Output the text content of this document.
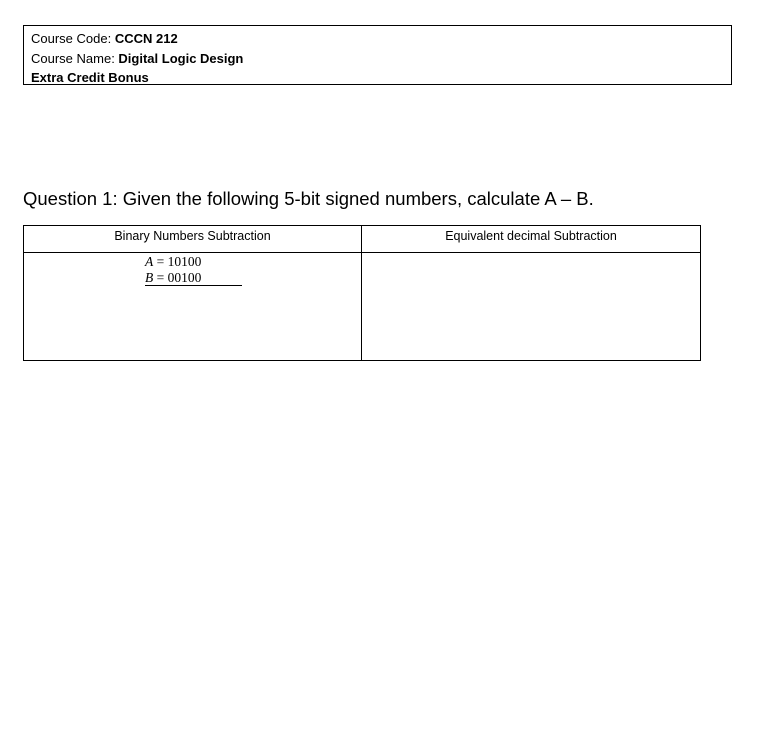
Course Code: CCCN 212
Course Name: Digital Logic Design
Extra Credit Bonus
Question 1: Given the following 5-bit signed numbers, calculate A – B.
Binary Numbers Subtraction	Equivalent decimal Subtraction
A = 10100
B = 00100
